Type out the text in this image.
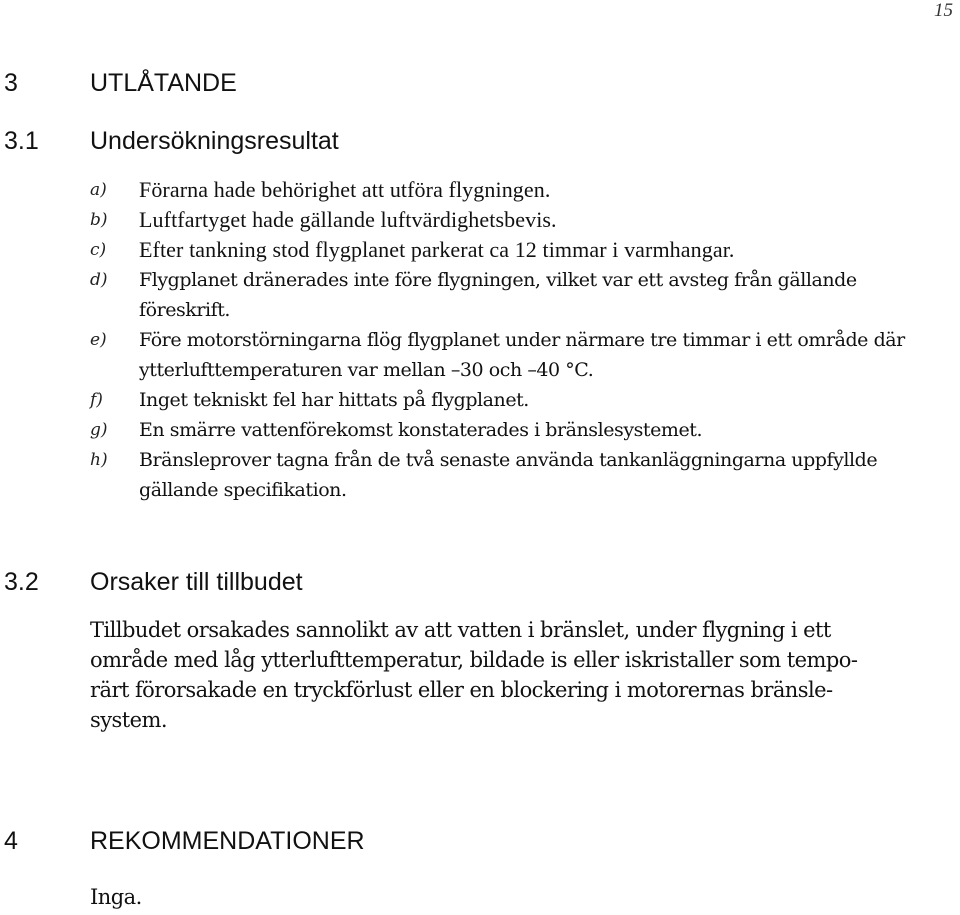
15
3	UTLÅTANDE
3.1 Undersökningsresultat
a) Förarna hade behörighet att utföra flygningen.
b) Luftfartyget hade gällande luftvärdighetsbevis.
c) Efter tankning stod flygplanet parkerat ca 12 timmar i varmhangar.
d) Flygplanet dränerades inte före flygningen, vilket var ett avsteg från gällande föreskrift.
e) Före motorstörningarna flög flygplanet under närmare tre timmar i ett område där ytterlufttemperaturen var mellan –30 och –40 °C.
f) Inget tekniskt fel har hittats på flygplanet.
g) En smärre vattenförekomst konstaterades i bränslesystemet.
h) Bränsleprover tagna från de två senaste använda tankanläggningarna uppfyllde gällande specifikation.
3.2 Orsaker till tillbudet

Tillbudet orsakades sannolikt av att vatten i bränslet, under flygning i ett
område med låg ytterlufttemperatur, bildade is eller iskristaller som tempo-
rärt förorsakade en tryckförlust eller en blockering i motorernas bränsle-
system.

4	REKOMMENDATIONER

Inga.
